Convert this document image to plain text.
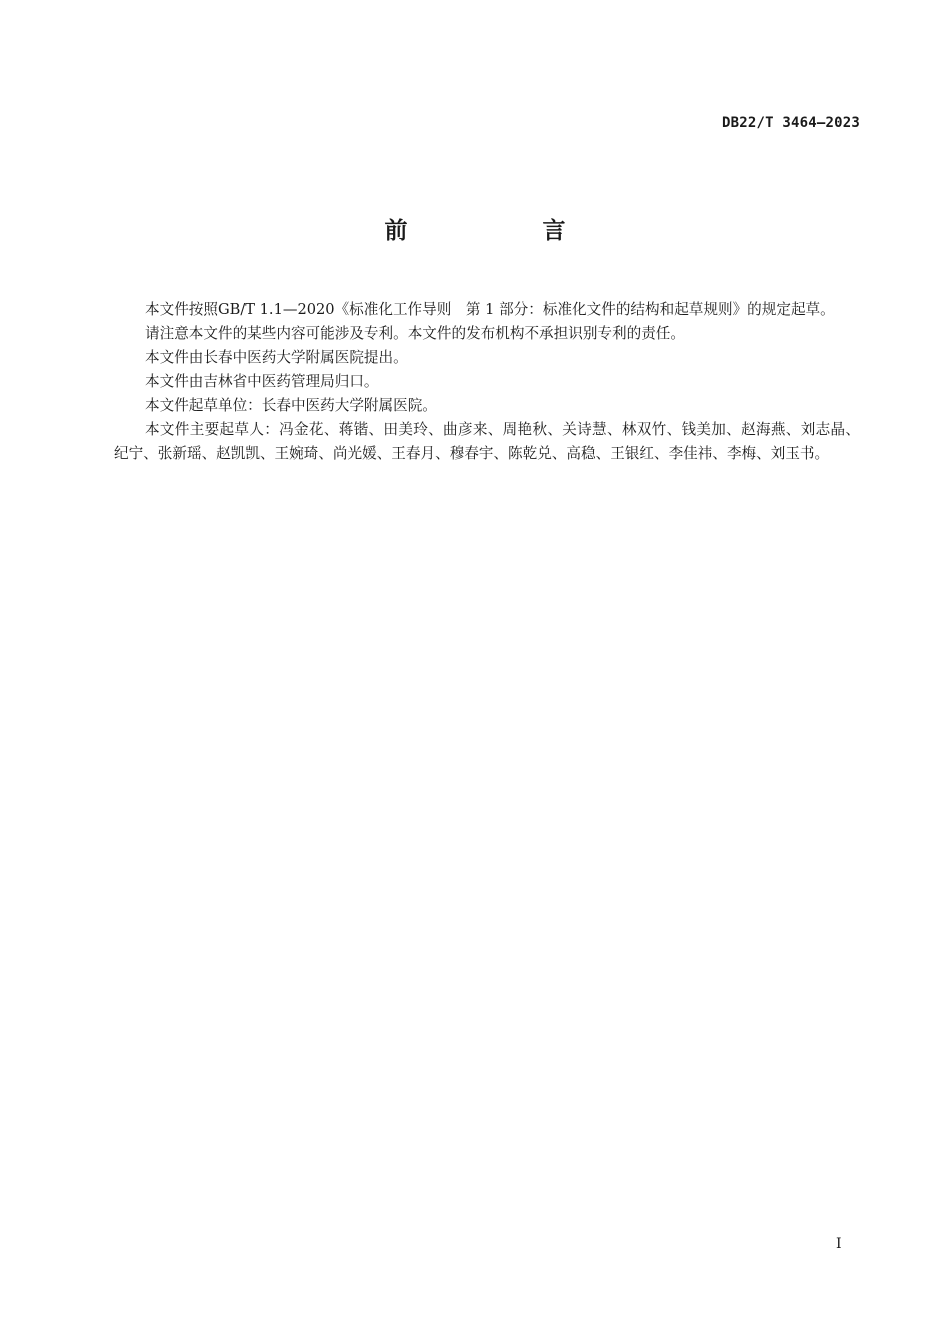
DB22/T 3464—2023
前　言

本文件按照GB/T 1.1—2020《标准化工作导则　第 1 部分：标准化文件的结构和起草规则》的规定起草。

请注意本文件的某些内容可能涉及专利。本文件的发布机构不承担识别专利的责任。

本文件由长春中医药大学附属医院提出。

本文件由吉林省中医药管理局归口。

本文件起草单位：长春中医药大学附属医院。

本文件主要起草人：冯金花、蒋锴、田美玲、曲彦来、周艳秋、关诗慧、林双竹、钱美加、赵海燕、刘志晶、纪宁、张新瑶、赵凯凯、王婉琦、尚光媛、王春月、穆春宇、陈乾兑、高稳、王银红、李佳祎、李梅、刘玉书。

I
